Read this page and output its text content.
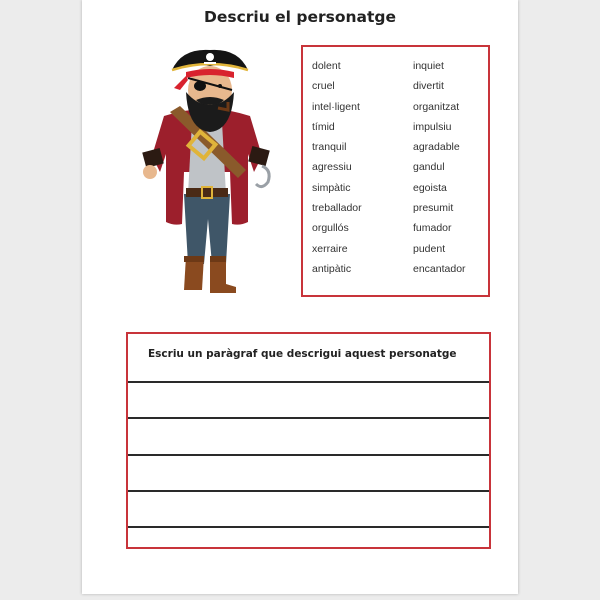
Descriu el personatge
dolent
cruel
intel·ligent
tímid
tranquil
agressiu
simpàtic
treballador
orgullós
xerraire
antipàtic
inquiet
divertit
organitzat
impulsiu
agradable
gandul
egoista
presumit
fumador
pudent
encantador
Escriu un paràgraf que descrigui aquest personatge
